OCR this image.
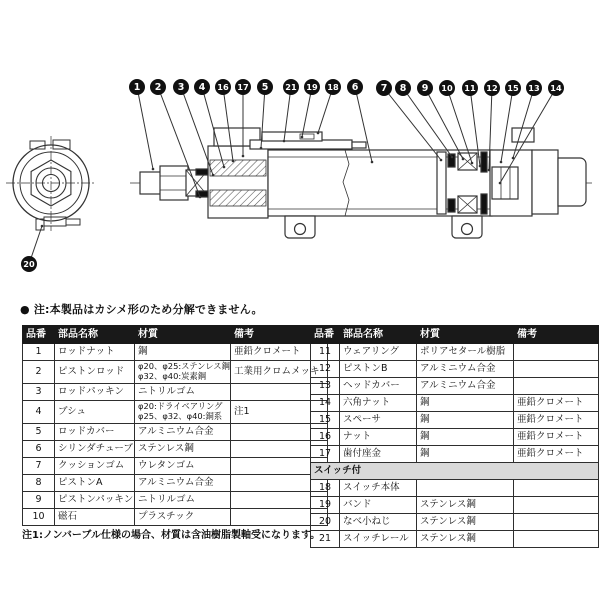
1 2 3 4 16 17 5 21 19 18 6 7 8 9 10 11 12 15 13 14
20
● 注:本製品はカシメ形のため分解できません。
品番	部品名称	材質	備考
1	ロッドナット	鋼	亜鉛クロメート
2	ピストンロッド	φ20、φ25:ステンレス鋼
φ32、φ40:炭素鋼	工業用クロムメッキ
3	ロッドパッキン	ニトリルゴム	
4	ブシュ	φ20:ドライベアリング
φ25、φ32、φ40:銅系	注1
5	ロッドカバー	アルミニウム合金	
6	シリンダチューブ	ステンレス鋼	
7	クッションゴム	ウレタンゴム	
8	ピストンA	アルミニウム合金	
9	ピストンパッキン	ニトリルゴム	
10	磁石	プラスチック	
品番	部品名称	材質	備考
11	ウェアリング	ポリアセタール樹脂	
12	ピストンB	アルミニウム合金	
13	ヘッドカバー	アルミニウム合金	
14	六角ナット	鋼	亜鉛クロメート
15	スペーサ	鋼	亜鉛クロメート
16	ナット	鋼	亜鉛クロメート
17	歯付座金	鋼	亜鉛クロメート
スイッチ付			
18	スイッチ本体		
19	バンド	ステンレス鋼	
20	なべ小ねじ	ステンレス鋼	
21	スイッチレール	ステンレス鋼	
注1:ノンバーブル仕様の場合、材質は含油樹脂製軸受になります。
